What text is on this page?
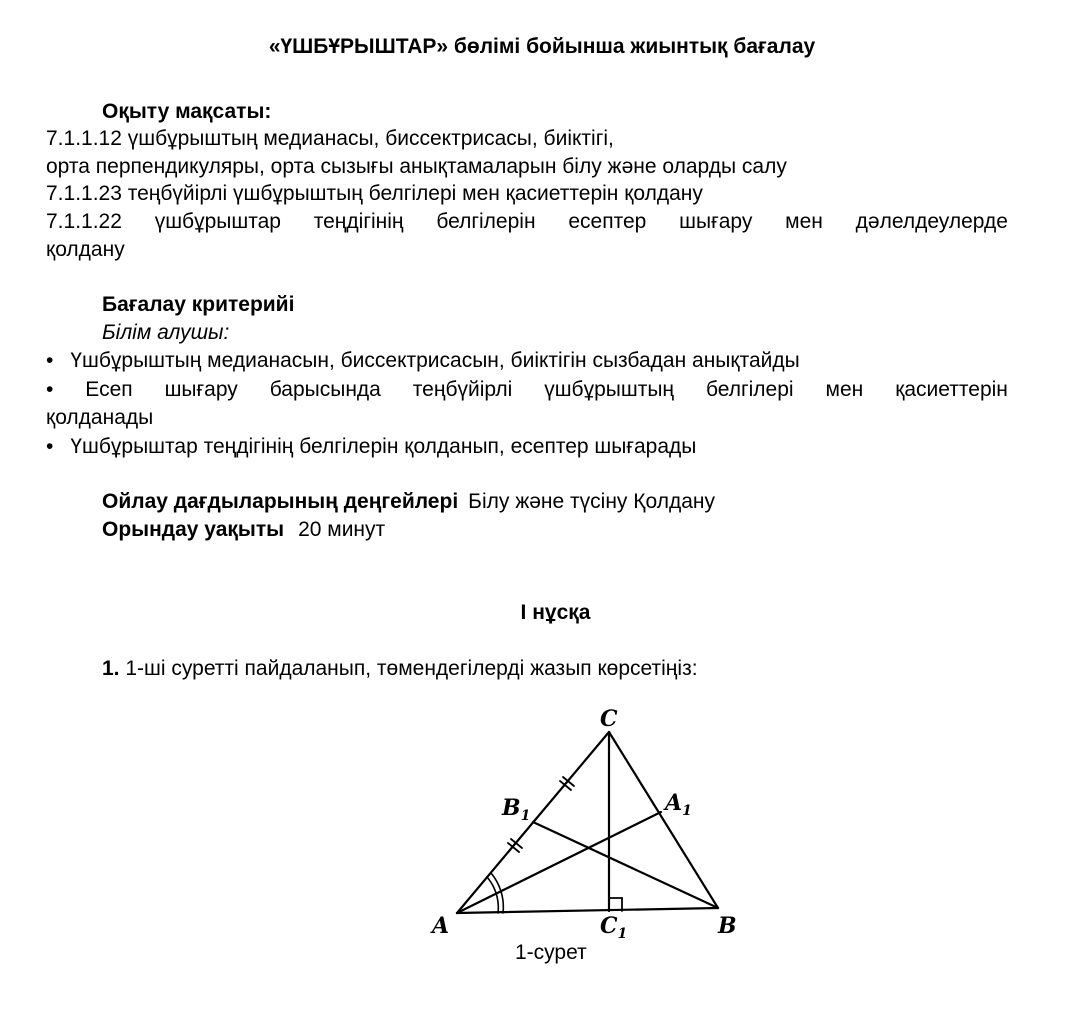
«ҮШБҰРЫШТАР» бөлімі бойынша жиынтық бағалау
Оқыту мақсаты:
7.1.1.12 үшбұрыштың медианасы, биссектрисасы, биіктігі,
орта перпендикуляры, орта сызығы анықтамаларын білу және оларды салу
7.1.1.23 теңбүйірлі үшбұрыштың белгілері мен қасиеттерін қолдану
7.1.1.22 үшбұрыштар теңдігінің белгілерін есептер шығару мен дәлелдеулерде
қолдану
Бағалау критерийі
Білім алушы:
• Үшбұрыштың медианасын, биссектрисасын, биіктігін сызбадан анықтайды
• Есеп шығару барысында теңбүйірлі үшбұрыштың белгілері мен қасиеттерін
қолданады
• Үшбұрыштар теңдігінің белгілерін қолданып, есептер шығарады
Ойлау дағдыларының деңгейлері Білу және түсіну Қолдану
Орындау уақыты 20 минут
І нұсқа
1. 1-ші суретті пайдаланып, төмендегілерді жазып көрсетіңіз:
A	B
C
$B_1$	$A_1$
$C_1$
1-сурет
